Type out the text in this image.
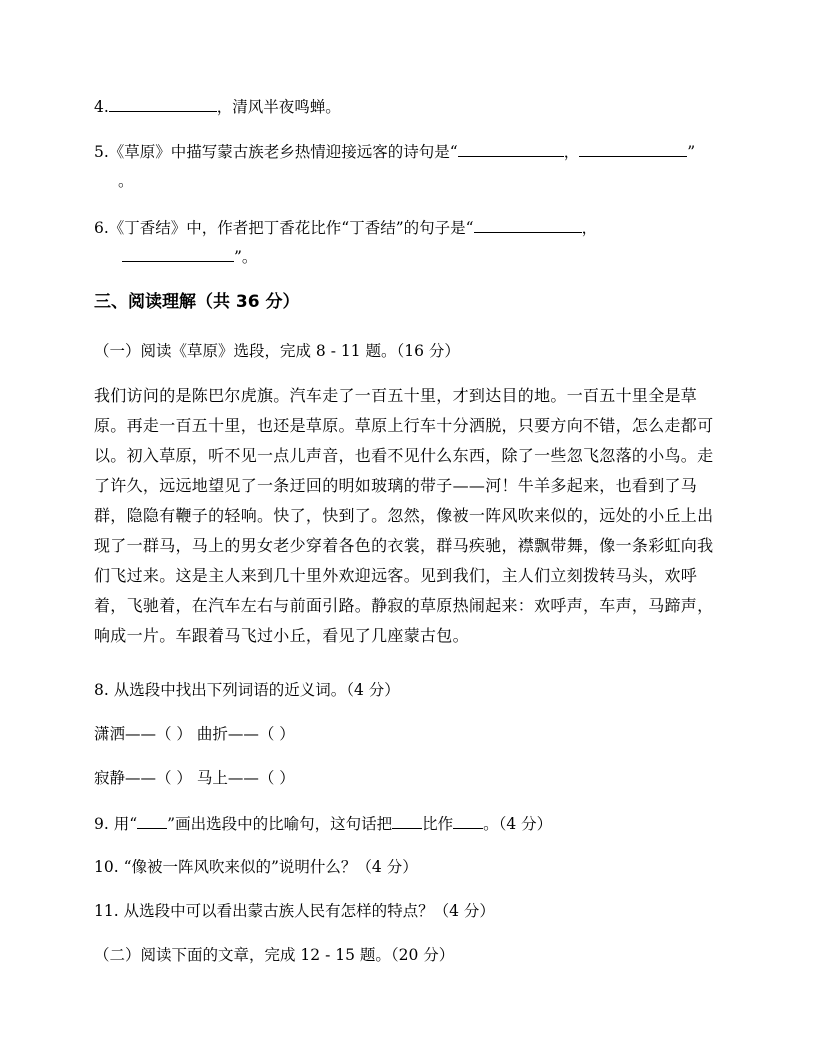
4.	，清风半夜鸣蝉。
5.《草原》中描写蒙古族老乡热情迎接远客的诗句是“	，	”
。
6.《丁香结》中，作者把丁香花比作“丁香结”的句子是“	，
”。
三、阅读理解（共 36 分）
（一）阅读《草原》选段，完成 8 - 11 题。（16 分）
我们访问的是陈巴尔虎旗。汽车走了一百五十里，才到达目的地。一百五十里全是草原。再走一百五十里，也还是草原。草原上行车十分洒脱，只要方向不错，怎么走都可以。初入草原，听不见一点儿声音，也看不见什么东西，除了一些忽飞忽落的小鸟。走了许久，远远地望见了一条迂回的明如玻璃的带子——河！牛羊多起来，也看到了马群，隐隐有鞭子的轻响。快了，快到了。忽然，像被一阵风吹来似的，远处的小丘上出现了一群马，马上的男女老少穿着各色的衣裳，群马疾驰，襟飘带舞，像一条彩虹向我们飞过来。这是主人来到几十里外欢迎远客。见到我们，主人们立刻拨转马头，欢呼着，飞驰着，在汽车左右与前面引路。静寂的草原热闹起来：欢呼声，车声，马蹄声，响成一片。车跟着马飞过小丘，看见了几座蒙古包。
8. 从选段中找出下列词语的近义词。（4 分）
潇洒——（ ） 曲折——（ ）
寂静——（ ） 马上——（ ）
9. 用“ ”画出选段中的比喻句，这句话把 比作 。（4 分）
10. “像被一阵风吹来似的”说明什么？（4 分）
11. 从选段中可以看出蒙古族人民有怎样的特点？（4 分）
（二）阅读下面的文章，完成 12 - 15 题。（20 分）
